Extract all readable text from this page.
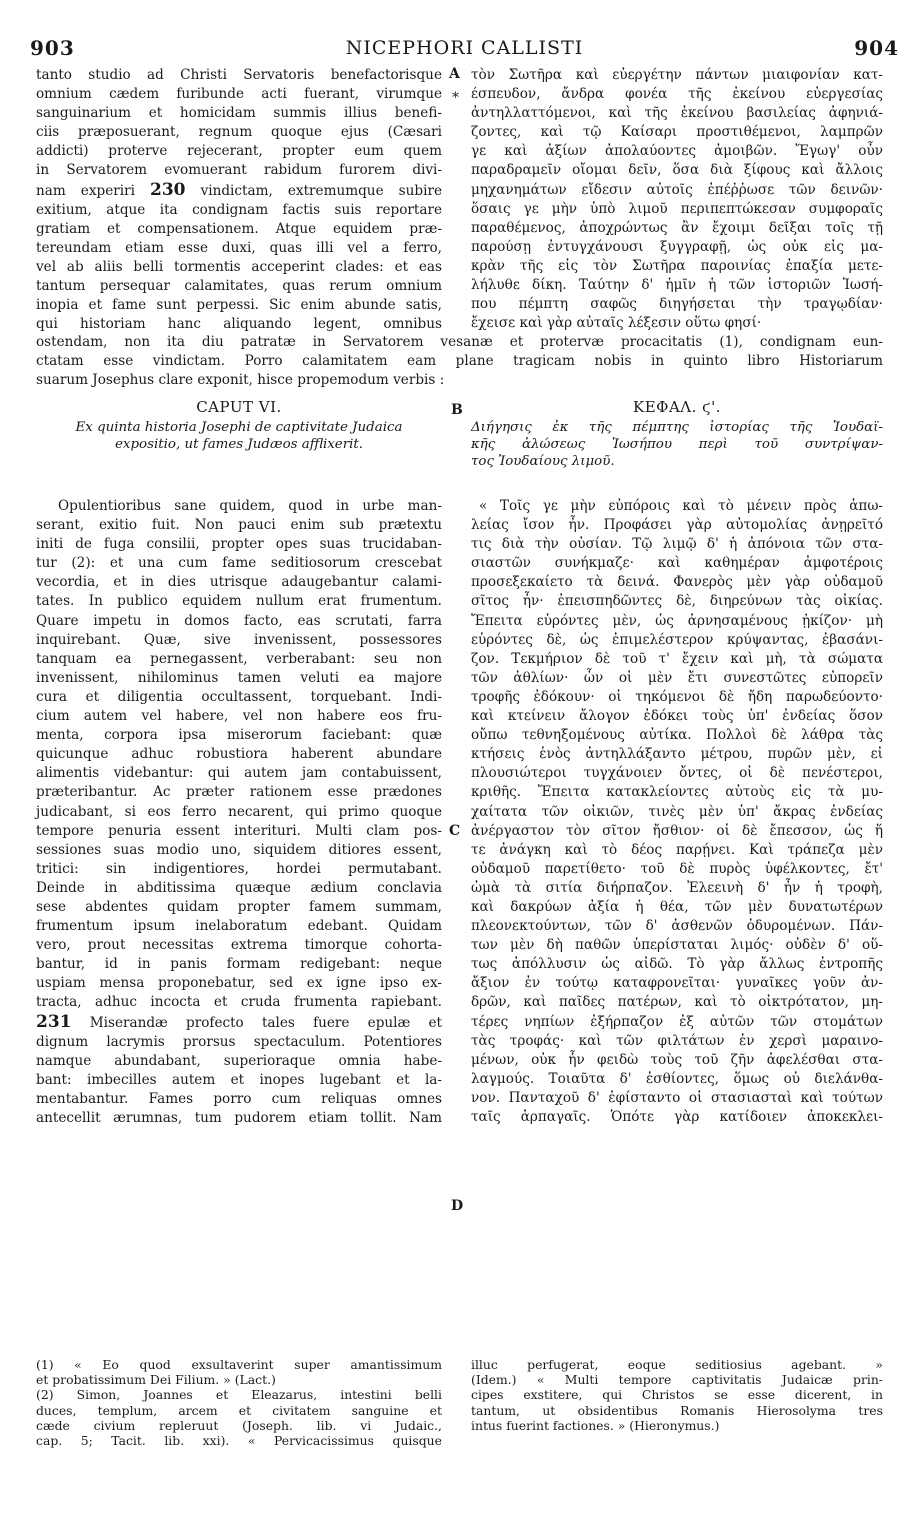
903	NICEPHORI CALLISTI	904
*

tanto studio ad Christi Servatoris benefactorisque

omnium cædem furibunde acti fuerant, virumque

sanguinarium et homicidam summis illius benefi-

ciis præposuerant, regnum quoque ejus (Cæsari

addicti) proterve rejecerant, propter eum quem

in Servatorem evomuerant rabidum furorem divi-

nam experiri 230 vindictam, extremumque subire

exitium, atque ita condignam factis suis reportare

gratiam et compensationem. Atque equidem præ-

tereundam etiam esse duxi, quas illi vel a ferro,

vel ab aliis belli tormentis acceperint clades: et eas

tantum persequar calamitates, quas rerum omnium

inopia et fame sunt perpessi. Sic enim abunde satis,

qui historiam hanc aliquando legent, omnibus

A τὸν Σωτῆρα καὶ εὐεργέτην πάντων μιαιφονίαν κατ-

έσπευδον, ἄνδρα φονέα τῆς ἐκείνου εὐεργεσίας

ἀντηλλαττόμενοι, καὶ τῆς ἐκείνου βασιλείας ἀφηνιά-

ζοντες, καὶ τῷ Καίσαρι προστιθέμενοι, λαμπρῶν

γε καὶ ἀξίων ἀπολαύοντες ἀμοιβῶν. Ἔγωγ' οὖν

παραδραμεῖν οἴομαι δεῖν, ὅσα διὰ ξίφους καὶ ἄλλοις

μηχανημάτων εἴδεσιν αὐτοῖς ἐπέῤῥωσε τῶν δεινῶν·

ὅσαις γε μὴν ὑπὸ λιμοῦ περιπεπτώκεσαν συμφοραῖς

παραθέμενος, ἀποχρώντως ἂν ἔχοιμι δεῖξαι τοῖς τῇ

παρούσῃ ἐντυγχάνουσι ξυγγραφῇ, ὡς οὐκ εἰς μα-

κρὰν τῆς εἰς τὸν Σωτῆρα παροινίας ἐπαξία μετε-

λήλυθε δίκη. Ταύτην δ' ἡμῖν ἡ τῶν ἱστοριῶν Ἰωσή-

που πέμπτη σαφῶς διηγήσεται τὴν τραγῳδίαν·

ἔχεισε καὶ γὰρ αὐταῖς λέξεσιν οὕτω φησί·

ostendam, non ita diu patratæ in Servatorem vesanæ et protervæ procacitatis (1), condignam eun-

ctatam esse vindictam. Porro calamitatem eam plane tragicam nobis in quinto libro Historiarum

suarum Josephus clare exponit, hisce propemodum verbis :

CAPUT VI.
Ex quinta historia Josephi de captivitate Judaica
expositio, ut fames Judæos afflixerit.
B	ΚΕΦΑΛ. ϛ'.
Διήγησις ἐκ τῆς πέμπτης ἱστορίας τῆς Ἰουδαϊ-
κῆς ἁλώσεως Ἰωσήπου περὶ τοῦ συντρίψαν-
τος Ἰουδαίους λιμοῦ.

Opulentioribus sane quidem, quod in urbe man-

serant, exitio fuit. Non pauci enim sub prætextu

initi de fuga consilii, propter opes suas trucidaban-

tur (2): et una cum fame seditiosorum crescebat

vecordia, et in dies utrisque adaugebantur calami-

tates. In publico equidem nullum erat frumentum.

Quare impetu in domos facto, eas scrutati, farra

inquirebant. Quæ, sive invenissent, possessores

tanquam ea pernegassent, verberabant: seu non

invenissent, nihilominus tamen veluti ea majore

cura et diligentia occultassent, torquebant. Indi-

cium autem vel habere, vel non habere eos fru-

menta, corpora ipsa miserorum faciebant: quæ

quicunque adhuc robustiora haberent abundare

alimentis videbantur: qui autem jam contabuissent,

præteribantur. Ac præter rationem esse prædones

judicabant, si eos ferro necarent, qui primo quoque

tempore penuria essent interituri. Multi clam pos-

sessiones suas modio uno, siquidem ditiores essent,

tritici: sin indigentiores, hordei permutabant.

Deinde in abditissima quæque ædium conclavia

sese abdentes quidam propter famem summam,

frumentum ipsum inelaboratum edebant. Quidam

vero, prout necessitas extrema timorque cohorta-

bantur, id in panis formam redigebant: neque

uspiam mensa proponebatur, sed ex igne ipso ex-

tracta, adhuc incocta et cruda frumenta rapiebant.

231 Miserandæ profecto tales fuere epulæ et

dignum lacrymis prorsus spectaculum. Potentiores

namque abundabant, superioraque omnia habe-

bant: imbecilles autem et inopes lugebant et la-

mentabantur. Fames porro cum reliquas omnes

antecellit ærumnas, tum pudorem etiam tollit. Nam

C
D

« Τοῖς γε μὴν εὐπόροις καὶ τὸ μένειν πρὸς ἀπω-

λείας ἴσον ἦν. Προφάσει γὰρ αὐτομολίας ἀνῃρεῖτό

τις διὰ τὴν οὐσίαν. Τῷ λιμῷ δ' ἡ ἀπόνοια τῶν στα-

σιαστῶν συνήκμαζε· καὶ καθημέραν ἀμφοτέροις

προσεξεκαίετο τὰ δεινά. Φανερὸς μὲν γὰρ οὐδαμοῦ

σῖτος ἦν· ἐπεισπηδῶντες δὲ, διηρεύνων τὰς οἰκίας.

Ἔπειτα εὑρόντες μὲν, ὡς ἀρνησαμένους ᾐκίζον· μὴ

εὑρόντες δὲ, ὡς ἐπιμελέστερον κρύψαντας, ἐβασάνι-

ζον. Τεκμήριον δὲ τοῦ τ' ἔχειν καὶ μὴ, τὰ σώματα

τῶν ἀθλίων· ὧν οἱ μὲν ἔτι συνεστῶτες εὐπορεῖν

τροφῆς ἐδόκουν· οἱ τηκόμενοι δὲ ἤδη παρωδεύοντο·

καὶ κτείνειν ἄλογον ἐδόκει τοὺς ὑπ' ἐνδείας ὅσον

οὔπω τεθνηξομένους αὐτίκα. Πολλοὶ δὲ λάθρα τὰς

κτήσεις ἑνὸς ἀντηλλάξαντο μέτρου, πυρῶν μὲν, εἰ

πλουσιώτεροι τυγχάνοιεν ὄντες, οἱ δὲ πενέστεροι,

κριθῆς. Ἔπειτα κατακλείοντες αὑτοὺς εἰς τὰ μυ-

χαίτατα τῶν οἰκιῶν, τινὲς μὲν ὑπ' ἄκρας ἐνδείας

ἀνέργαστον τὸν σῖτον ἤσθιον· οἱ δὲ ἔπεσσον, ὡς ἥ

τε ἀνάγκη καὶ τὸ δέος παρῄνει. Καὶ τράπεζα μὲν

οὐδαμοῦ παρετίθετο· τοῦ δὲ πυρὸς ὑφέλκοντες, ἔτ'

ὠμὰ τὰ σιτία διήρπαζον. Ἐλεεινὴ δ' ἦν ἡ τροφὴ,

καὶ δακρύων ἀξία ἡ θέα, τῶν μὲν δυνατωτέρων

πλεονεκτούντων, τῶν δ' ἀσθενῶν ὀδυρομένων. Πάν-

των μὲν δὴ παθῶν ὑπερίσταται λιμός· οὐδὲν δ' οὕ-

τως ἀπόλλυσιν ὡς αἰδῶ. Τὸ γὰρ ἄλλως ἐντροπῆς

ἄξιον ἐν τούτῳ καταφρονεῖται· γυναῖκες γοῦν ἀν-

δρῶν, καὶ παῖδες πατέρων, καὶ τὸ οἰκτρότατον, μη-

τέρες νηπίων ἐξήρπαζον ἐξ αὐτῶν τῶν στομάτων

τὰς τροφάς· καὶ τῶν φιλτάτων ἐν χερσὶ μαραινο-

μένων, οὐκ ἦν φειδὼ τοὺς τοῦ ζῆν ἀφελέσθαι στα-

λαγμούς. Τοιαῦτα δ' ἐσθίοντες, ὅμως οὐ διελάνθα-

νον. Πανταχοῦ δ' ἐφίσταντο οἱ στασιασταὶ καὶ τούτων

ταῖς ἁρπαγαῖς. Ὁπότε γὰρ κατίδοιεν ἀποκεκλει-

(1) « Eo quod exsultaverint super amantissimum

et probatissimum Dei Filium. » (Lact.)

(2) Simon, Joannes et Eleazarus, intestini belli

duces, templum, arcem et civitatem sanguine et

cæde civium repleruut (Joseph. lib. vi Judaic.,

cap. 5; Tacit. lib. xxi). « Pervicacissimus quisque

illuc perfugerat, eoque seditiosius agebant. »

(Idem.) « Multi tempore captivitatis Judaicæ prin-

cipes exstitere, qui Christos se esse dicerent, in

tantum, ut obsidentibus Romanis Hierosolyma tres

intus fuerint factiones. » (Hieronymus.)
